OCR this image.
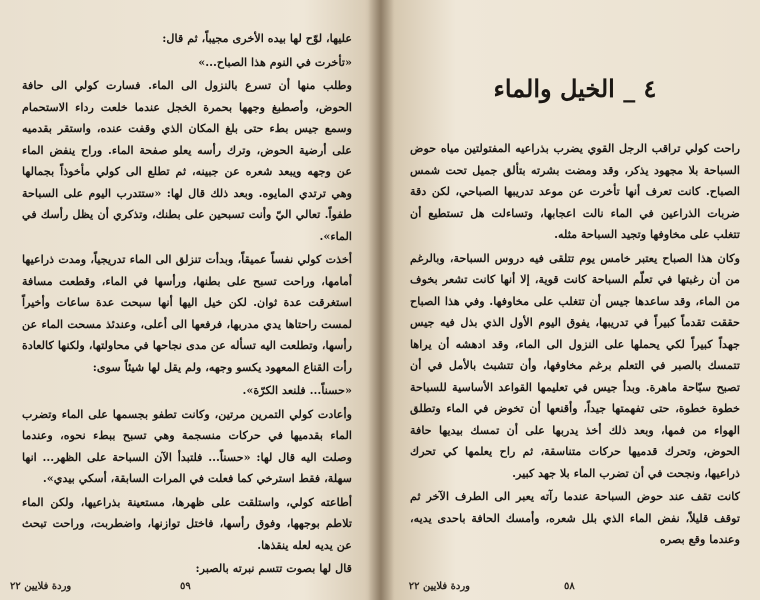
عليها، لوّح لها بيده الأخرى مجيباً، ثم قال:

«تأخرت في النوم هذا الصباح...»

وطلب منها أن تسرع بالنزول الى الماء. فسارت كولي الى حافة الحوض، وأصطبغ وجهها بحمرة الخجل عندما خلعت رداء الاستحمام وسمع جيس بطء حتى بلغ المكان الذي وقفت عنده، واستقر بقدميه على أرضية الحوض، وترك رأسه يعلو صفحة الماء. وراح ينفض الماء عن وجهه ويبعد شعره عن جبينه، ثم تطلع الى كولي مأخوذاً بجمالها وهي ترتدي المايوه. وبعد ذلك قال لها: «ستتدرب اليوم على السباحة طفواً. تعالي اليّ وأنت تسبحين على بطنك، وتذكري أن يظل رأسك في الماء».

أخذت كولي نفساً عميقاً، وبدأت تنزلق الى الماء تدريجياً، ومدت ذراعيها أمامها، وراحت تسبح على بطنها، ورأسها في الماء، وقطعت مسافة استغرقت عدة ثوان. لكن خيل اليها أنها سبحت عدة ساعات وأخيراً لمست راحتاها يدي مدربها، فرفعها الى أعلى، وعندئذ مسحت الماء عن رأسها، وتطلعت اليه تسأله عن مدى نجاحها في محاولتها، ولكنها كالعادة رأت القناع المعهود يكسو وجهه، ولم يقل لها شيئاً سوى:

«حسناً... فلنعد الكرّة».

وأعادت كولي التمرين مرتين، وكانت تطفو بجسمها على الماء وتضرب الماء بقدميها في حركات منسجمة وهي تسبح ببطء نحوه، وعندما وصلت اليه قال لها: «حسناً... فلتبدأ الآن السباحة على الظهر... انها سهلة، فقط استرخي كما فعلت في المرات السابقة، أسكي بيدي».

أطاعته كولي، واستلقت على ظهرها، مستعينة بذراعيها، ولكن الماء تلاطم بوجهها، وفوق رأسها، فاختل توازنها، واضطربت، وراحت تبحث عن يديه لعله ينقذها.

قال لها بصوت تتسم نبرته بالصبر:

٥٩
وردة فلايين ٢٢
٤ _ الخيل والماء

راحت كولي تراقب الرجل القوي يضرب بذراعيه المفتولتين مياه حوض السباحة بلا مجهود يذكر، وقد ومضت بشرته بتألق جميل تحت شمس الصباح. كانت تعرف أنها تأخرت عن موعد تدريبها الصباحي، لكن دقة ضربات الذراعين في الماء نالت اعجابها، وتساءلت هل تستطيع أن تتغلب على مخاوفها وتجيد السباحة مثله.

وكان هذا الصباح يعتبر خامس يوم تتلقى فيه دروس السباحة، وبالرغم من أن رغبتها في تعلّم السباحة كانت قوية، إلا أنها كانت تشعر بخوف من الماء، وقد ساعدها جيس أن تتغلب على مخاوفها. وفي هذا الصباح حققت تقدماً كبيراً في تدريبها، يفوق اليوم الأول الذي بذل فيه جيس جهداً كبيراً لكي يحملها على النزول الى الماء، وقد ادهشه أن يراها تتمسك بالصبر في التعلم برغم مخاوفها، وأن تتشبث بالأمل في أن تصبح سبّاحة ماهرة. وبدأ جيس في تعليمها القواعد الأساسية للسباحة خطوة خطوة، حتى تفهمتها جيداً، وأقنعها أن تخوض في الماء وتطلق الهواء من فمها، وبعد ذلك أخذ يدربها على أن تمسك بيديها حافة الحوض، وتحرك قدميها حركات متناسقة، ثم راح يعلمها كي تحرك ذراعيها، ونجحت في أن تضرب الماء بلا جهد كبير.

كانت تقف عند حوض السباحة عندما رآته يعبر الى الطرف الآخر ثم توقف قليلاً، نفض الماء الذي بلل شعره، وأمسك الحافة باحدى يديه، وعندما وقع بصره

٥٨
وردة فلايين ٢٢
